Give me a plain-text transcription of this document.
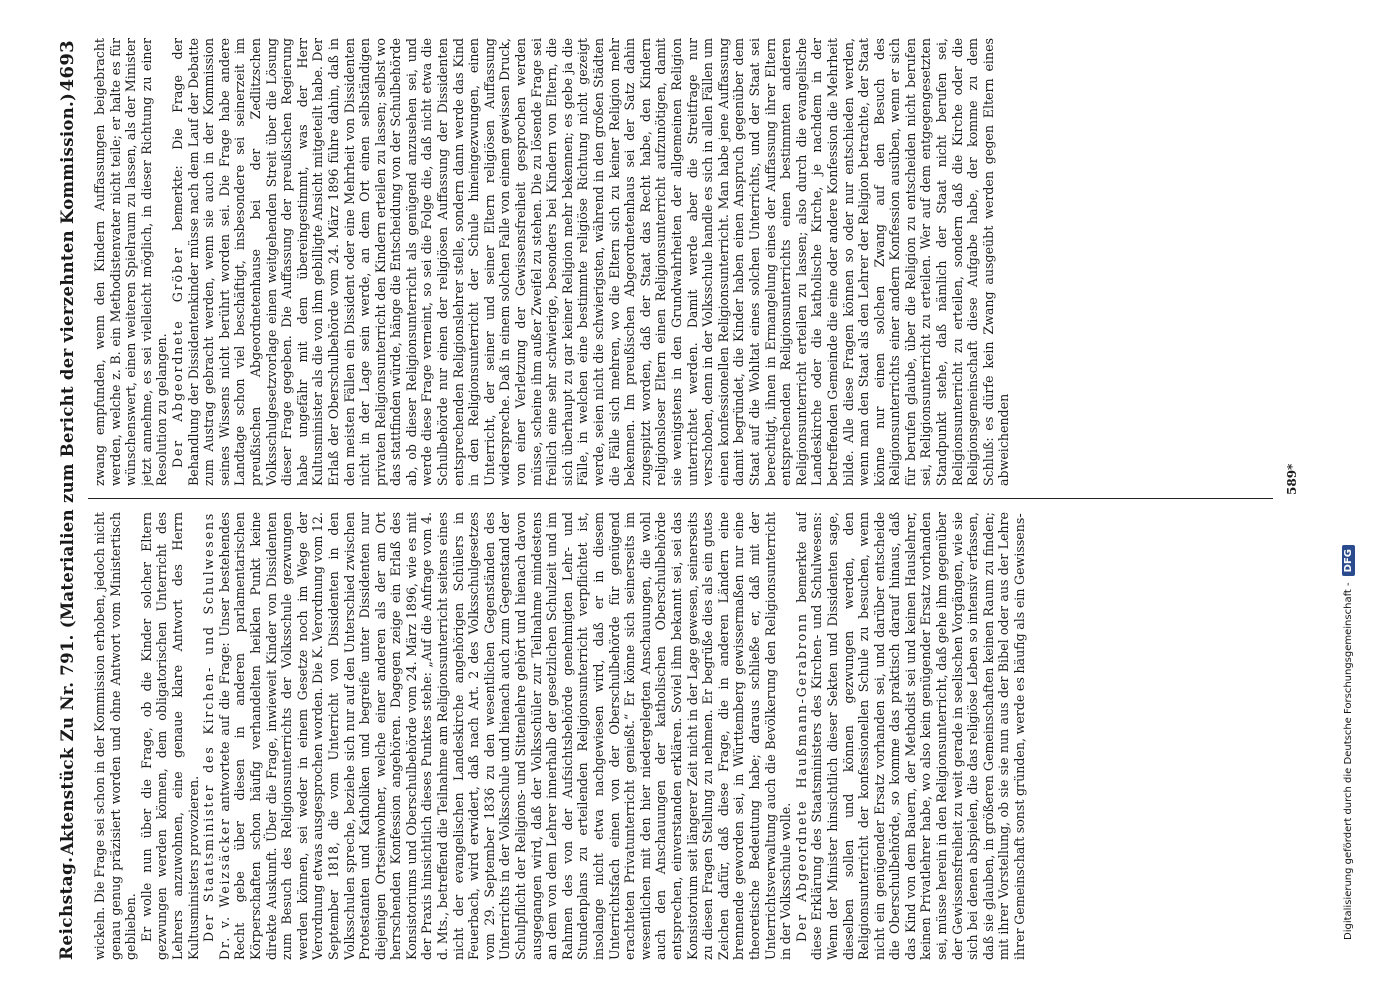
Reichstag.
Aktenstück Zu Nr. 791. (Materialien zum Bericht der vierzehnten Kommission.)
4693

wickeln. Die Frage sei schon in der Kommission erhoben, jedoch nicht genau genug präzisiert worden und ohne Antwort vom Ministertisch geblieben. Er wolle nun über die Frage, ob die Kinder solcher Eltern gezwungen werden können, dem obligatorischen Unterricht des Lehrers anzuwohnen, eine genaue klare Antwort des Herrn Kultusministers provozieren. Der Staatsminister des Kirchen- und Schulwesens Dr. v. Weizsäcker antwortete auf die Frage: Unser bestehendes Recht gebe über diesen in anderen parlamentarischen Körperschaften schon häufig verhandelten heiklen Punkt keine direkte Auskunft. Über die Frage, inwieweit Kinder von Dissidenten zum Besuch des Religionsunterrichts der Volksschule gezwungen werden können, sei weder in einem Gesetze noch im Wege der Verordnung etwas ausgesprochen worden. Die K. Verordnung vom 12. September 1818, die vom Unterricht von Dissidenten in den Volksschulen spreche, beziehe sich nur auf den Unterschied zwischen Protestanten und Katholiken und begreife unter Dissidenten nur diejenigen Ortseinwohner, welche einer anderen als der am Ort herrschenden Konfession angehören. Dagegen zeige ein Erlaß des Konsistoriums und Oberschulbehörde vom 24. März 1896, wie es mit der Praxis hinsichtlich dieses Punktes stehe: „Auf die Anfrage vom 4. d. Mts., betreffend die Teilnahme am Religionsunterricht seitens eines nicht der evangelischen Landeskirche angehörigen Schülers in Feuerbach, wird erwidert, daß nach Art. 2 des Volksschulgesetzes vom 29. September 1836 zu den wesentlichen Gegenständen des Unterrichts in der Volksschule und hienach auch zum Gegenstand der Schulpflicht der Religions- und Sittenlehre gehört und hienach davon ausgegangen wird, daß der Volksschüler zur Teilnahme mindestens an dem von dem Lehrer innerhalb der gesetzlichen Schulzeit und im Rahmen des von der Aufsichtsbehörde genehmigten Lehr- und Stundenplans zu erteilenden Religionsunterricht verpflichtet ist, insolange nicht etwa nachgewiesen wird, daß er in diesem Unterrichtsfach einen von der Oberschulbehörde für genügend erachteten Privatunterricht genießt.“ Er könne sich seinerseits im wesentlichen mit den hier niedergelegten Anschauungen, die wohl auch den Anschauungen der katholischen Oberschulbehörde entsprechen, einverstanden erklären. Soviel ihm bekannt sei, sei das Konsistorium seit längerer Zeit nicht in der Lage gewesen, seinerseits zu diesen Fragen Stellung zu nehmen. Er begrüße dies als ein gutes Zeichen dafür, daß diese Frage, die in anderen Ländern eine brennende geworden sei, in Württemberg gewissermaßen nur eine theoretische Bedeutung habe; daraus schließe er, daß mit der Unterrichtsverwaltung auch die Bevölkerung den Religionsunterricht in der Volksschule wolle. Der Abgeordnete Haußmann-Gerabronn bemerkte auf diese Erklärung des Staatsministers des Kirchen- und Schulwesens: Wenn der Minister hinsichtlich dieser Sekten und Dissidenten sage, dieselben sollen und können gezwungen werden, den Religionsunterricht der konfessionellen Schule zu besuchen, wenn nicht ein genügender Ersatz vorhanden sei, und darüber entscheide die Oberschulbehörde, so komme das praktisch darauf hinaus, daß das Kind von dem Bauern, der Methodist sei und keinen Hauslehrer, keinen Privatlehrer habe, wo also kein genügender Ersatz vorhanden sei, müsse herein in den Religionsunterricht, daß gehe ihm gegenüber der Gewissensfreiheit zu weit gerade in seelischen Vorgängen, wie sie sich bei denen abspielen, die das religiöse Leben so intensiv erfassen, daß sie glauben, in größeren Gemeinschaften keinen Raum zu finden; mit ihrer Vorstellung, ob sie sie nun aus der Bibel oder aus der Lehre ihrer Gemeinschaft sonst gründen, werde es häufig als ein Gewissens-

zwang empfunden, wenn den Kindern Auffassungen beigebracht werden, welche z. B. ein Methodistenvater nicht teile; er halte es für wünschenswert, einen weiteren Spielraum zu lassen, als der Minister jetzt annehme, es sei vielleicht möglich, in dieser Richtung zu einer Resolution zu gelangen. Der Abgeordnete Gröber bemerkte: Die Frage der Behandlung der Dissidentenkinder müsse nach dem Lauf der Debatte zum Austrag gebracht werden, wenn sie auch in der Kommission seines Wissens nicht berührt worden sei. Die Frage habe andere Landtage schon viel beschäftigt, insbesondere sei seinerzeit im preußischen Abgeordnetenhause bei der Zedlitzschen Volksschulgesetzvorlage einen weitgehenden Streit über die Lösung dieser Frage gegeben. Die Auffassung der preußischen Regierung habe ungefähr mit dem übereingestimmt, was der Herr Kultusminister als die von ihm gebilligte Ansicht mitgeteilt habe. Der Erlaß der Oberschulbehörde vom 24. März 1896 führe dahin, daß in den meisten Fällen ein Dissident oder eine Mehrheit von Dissidenten nicht in der Lage sein werde, an dem Ort einen selbständigen privaten Religionsunterricht den Kindern erteilen zu lassen; selbst wo das stattfinden würde, hänge die Entscheidung von der Schulbehörde ab, ob dieser Religionsunterricht als genügend anzusehen sei, und werde diese Frage verneint, so sei die Folge die, daß nicht etwa die Schulbehörde nur einen der religiösen Auffassung der Dissidenten entsprechenden Religionslehrer stelle, sondern dann werde das Kind in den Religionsunterricht der Schule hineingezwungen, einen Unterricht, der seiner und seiner Eltern religiösen Auffassung widerspreche. Daß in einem solchen Falle von einem gewissen Druck, von einer Verletzung der Gewissensfreiheit gesprochen werden müsse, scheine ihm außer Zweifel zu stehen. Die zu lösende Frage sei freilich eine sehr schwierige, besonders bei Kindern von Eltern, die sich überhaupt zu gar keiner Religion mehr bekennen; es gebe ja die Fälle, in welchen eine bestimmte religiöse Richtung nicht gezeigt werde, seien nicht die schwierigsten, während in den großen Städten die Fälle sich mehren, wo die Eltern sich zu keiner Religion mehr bekennen. Im preußischen Abgeordnetenhaus sei der Satz dahin zugespitzt worden, daß der Staat das Recht habe, den Kindern religionsloser Eltern einen Religionsunterricht aufzunötigen, damit sie wenigstens in den Grundwahrheiten der allgemeinen Religion unterrichtet werden. Damit werde aber die Streitfrage nur verschoben, denn in der Volksschule handle es sich in allen Fällen um einen konfessionellen Religionsunterricht. Man habe jene Auffassung damit begründet, die Kinder haben einen Anspruch gegenüber dem Staat auf die Wohltat eines solchen Unterrichts, und der Staat sei berechtigt, ihnen in Ermangelung eines der Auffassung ihrer Eltern entsprechenden Religionsunterrichts einen bestimmten anderen Religionsunterricht erteilen zu lassen; also durch die evangelische Landeskirche oder die katholische Kirche, je nachdem in der betreffenden Gemeinde die eine oder andere Konfession die Mehrheit bilde. Alle diese Fragen können so oder nur entschieden werden, wenn man den Staat als den Lehrer der Religion betrachte, der Staat könne nur einen solchen Zwang auf den Besuch des Religionsunterrichts einer andern Konfession ausüben, wenn er sich für berufen glaube, über die Religion zu entscheiden nicht berufen sei, Religionsunterricht zu erteilen. Wer auf dem entgegengesetzten Standpunkt stehe, daß nämlich der Staat nicht berufen sei, Religionsunterricht zu erteilen, sondern daß die Kirche oder die Religionsgemeinschaft diese Aufgabe habe, der komme zu dem Schluß: es dürfe kein Zwang ausgeübt werden gegen Eltern eines abweichenden	589*
Digitalisierung gefördert durch die Deutsche Forschungsgemeinschaft -
DFG
